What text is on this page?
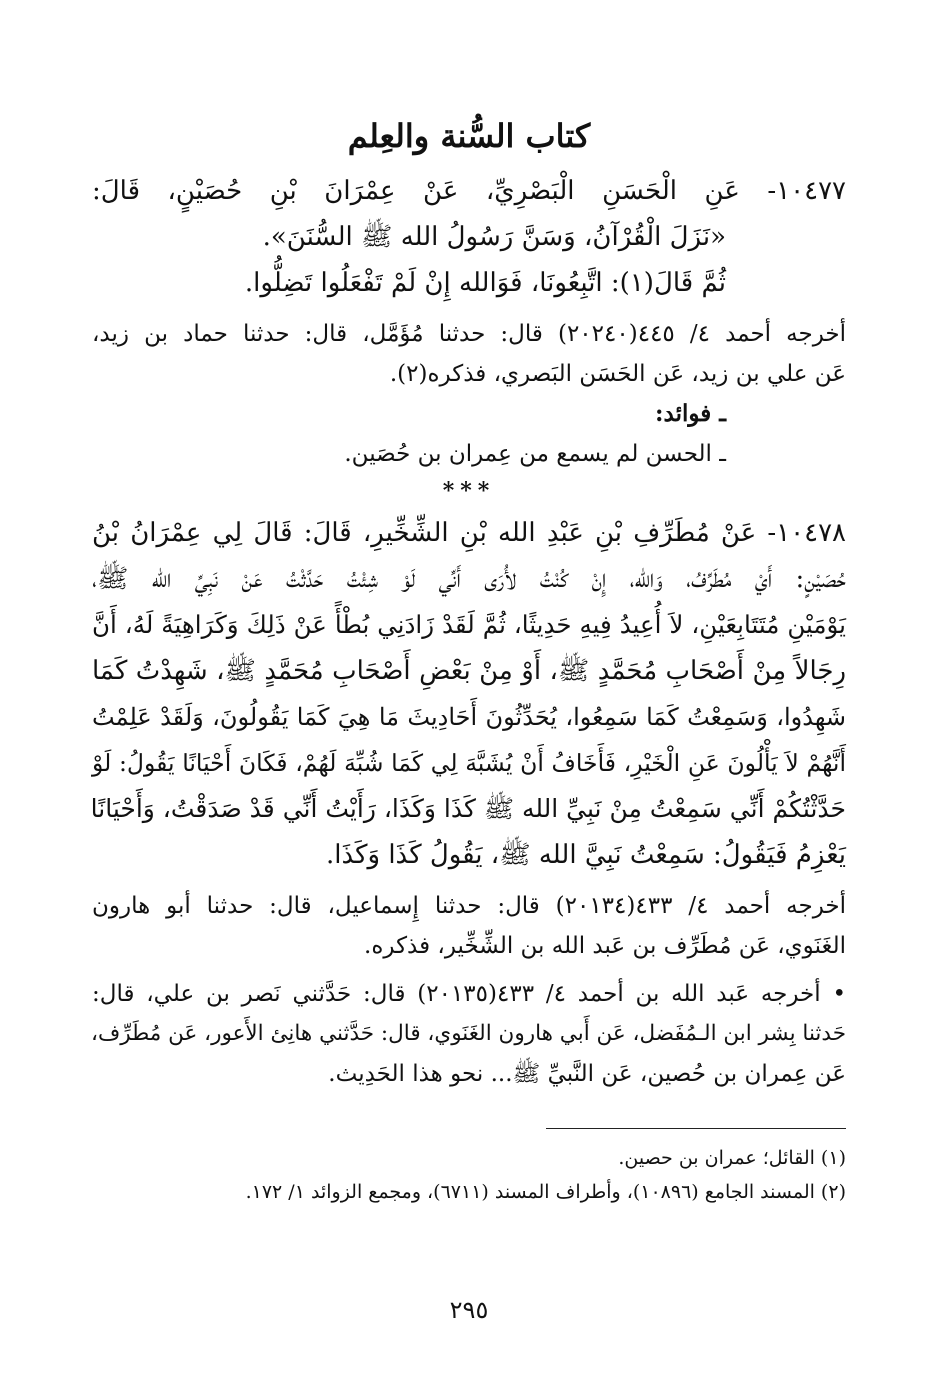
كتاب السُّنة والعِلم

١٠٤٧٧- عَنِ الْحَسَنِ الْبَصْرِيِّ، عَنْ عِمْرَانَ بْنِ حُصَيْنٍ، قَالَ:

«نَزَلَ الْقُرْآنُ، وَسَنَّ رَسُولُ الله ﷺ السُّنَنَ».

ثُمَّ قَالَ(١): اتَّبِعُونَا، فَوَالله إِنْ لَمْ تَفْعَلُوا تَضِلُّوا.

أخرجه أحمد ٤/ ٤٤٥(٢٠٢٤٠) قال: حدثنا مُؤَمَّل، قال: حدثنا حماد بن زيد،

عَن علي بن زيد، عَن الحَسَن البَصري، فذكره(٢).

ـ فوائد:

ـ الحسن لم يسمع من عِمران بن حُصَين.

***

١٠٤٧٨- عَنْ مُطَرِّفِ بْنِ عَبْدِ الله بْنِ الشِّخِّيرِ، قَالَ: قَالَ لِي عِمْرَانُ بْنُ

حُصَيْنٍ: أَيْ مُطَرِّفُ، وَالله، إِنْ كُنْتُ لأُرَى أَنِّي لَوْ شِئْتُ حَدَّثْتُ عَنْ نَبِيِّ الله ﷺ،

يَوْمَيْنِ مُتَتَابِعَيْنِ، لاَ أُعِيدُ فِيهِ حَدِيثًا، ثُمَّ لَقَدْ زَادَنِي بُطْأً عَنْ ذَلِكَ وَكَرَاهِيَةً لَهُ، أَنَّ

رِجَالاً مِنْ أَصْحَابِ مُحَمَّدٍ ﷺ، أَوْ مِنْ بَعْضِ أَصْحَابِ مُحَمَّدٍ ﷺ، شَهِدْتُ كَمَا

شَهِدُوا، وَسَمِعْتُ كَمَا سَمِعُوا، يُحَدِّثُونَ أَحَادِيثَ مَا هِيَ كَمَا يَقُولُونَ، وَلَقَدْ عَلِمْتُ

أَنَّهُمْ لاَ يَأْلُونَ عَنِ الْخَيْرِ، فَأَخَافُ أَنْ يُشَبَّهَ لِي كَمَا شُبِّهَ لَهُمْ، فَكَانَ أَحْيَانًا يَقُولُ: لَوْ

حَدَّثْتُكُمْ أَنِّي سَمِعْتُ مِنْ نَبِيِّ الله ﷺ كَذَا وَكَذَا، رَأَيْتُ أَنِّي قَدْ صَدَقْتُ، وَأَحْيَانًا

يَعْزِمُ فَيَقُولُ: سَمِعْتُ نَبِيَّ الله ﷺ، يَقُولُ كَذَا وَكَذَا.

أخرجه أحمد ٤/ ٤٣٣(٢٠١٣٤) قال: حدثنا إِسماعيل، قال: حدثنا أبو هارون

الغَنَوي، عَن مُطَرِّف بن عَبد الله بن الشِّخِّير، فذكره.

• أخرجه عَبد الله بن أحمد ٤/ ٤٣٣(٢٠١٣٥) قال: حَدَّثني نَصر بن علي، قال:

حَدثنا بِشر ابن الـمُفَضل، عَن أَبي هارون الغَنَوي، قال: حَدَّثني هانِئ الأَعور، عَن مُطَرِّف،

عَن عِمران بن حُصين، عَن النَّبيِّ ﷺ... نحو هذا الحَدِيث.

(١) القائل؛ عمران بن حصين.

(٢) المسند الجامع (١٠٨٩٦)، وأطراف المسند (٦٧١١)، ومجمع الزوائد ١/ ١٧٢.

٢٩٥
